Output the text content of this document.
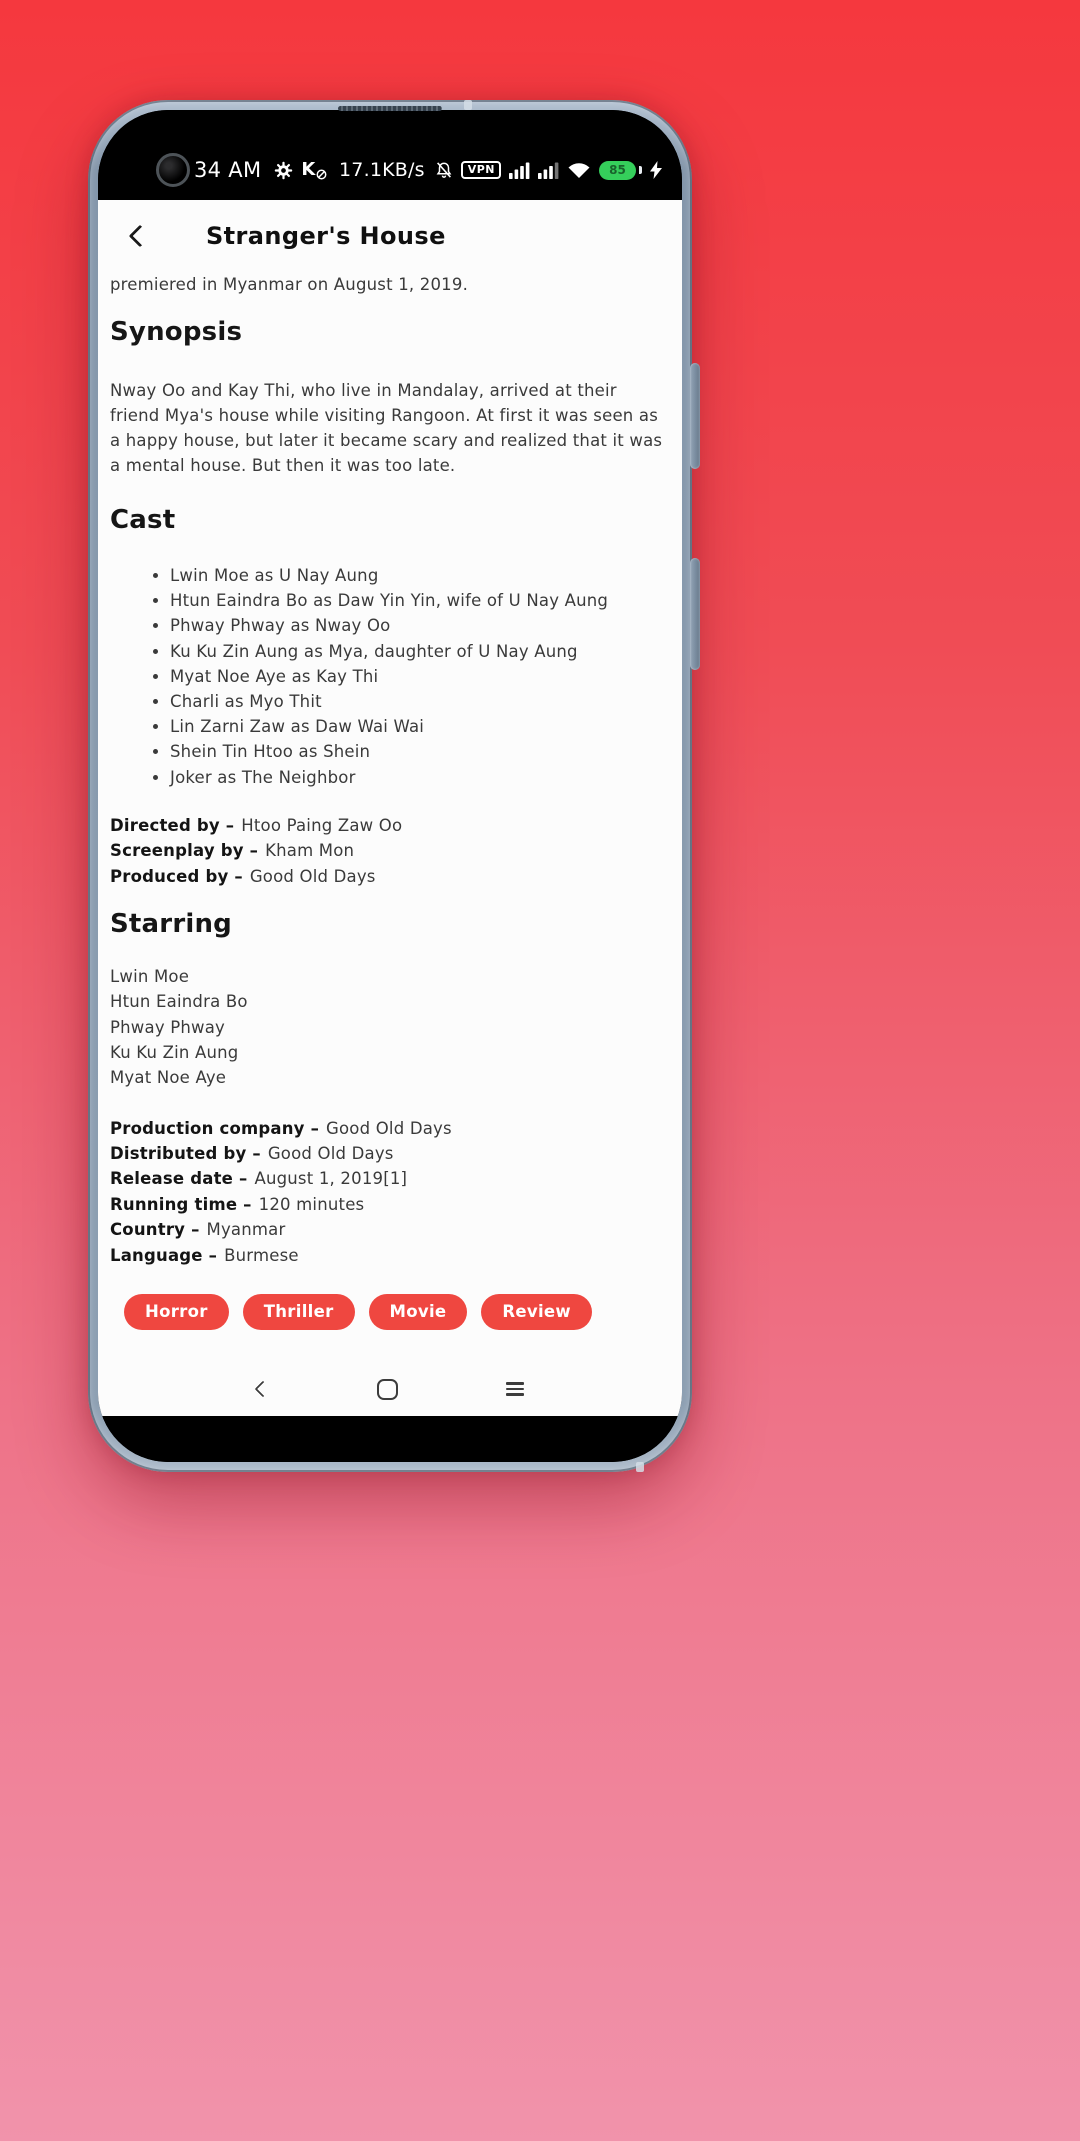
34 AM K 17.1KB/s	VPN	85
Stranger's House

premiered in Myanmar on August 1, 2019.

Synopsis

Nway Oo and Kay Thi, who live in Mandalay, arrived at their friend Mya's house while visiting Rangoon. At first it was seen as a happy house, but later it became scary and realized that it was a mental house. But then it was too late.

Cast
• Lwin Moe as U Nay Aung
• Htun Eaindra Bo as Daw Yin Yin, wife of U Nay Aung
• Phway Phway as Nway Oo
• Ku Ku Zin Aung as Mya, daughter of U Nay Aung
• Myat Noe Aye as Kay Thi
• Charli as Myo Thit
• Lin Zarni Zaw as Daw Wai Wai
• Shein Tin Htoo as Shein
• Joker as The Neighbor
Directed by – Htoo Paing Zaw Oo
Screenplay by – Kham Mon
Produced by – Good Old Days
Starring
Lwin Moe
Htun Eaindra Bo
Phway Phway
Ku Ku Zin Aung
Myat Noe Aye
Production company – Good Old Days
Distributed by – Good Old Days
Release date – August 1, 2019[1]
Running time – 120 minutes
Country – Myanmar
Language – Burmese
Horror	Thriller	Movie	Review
